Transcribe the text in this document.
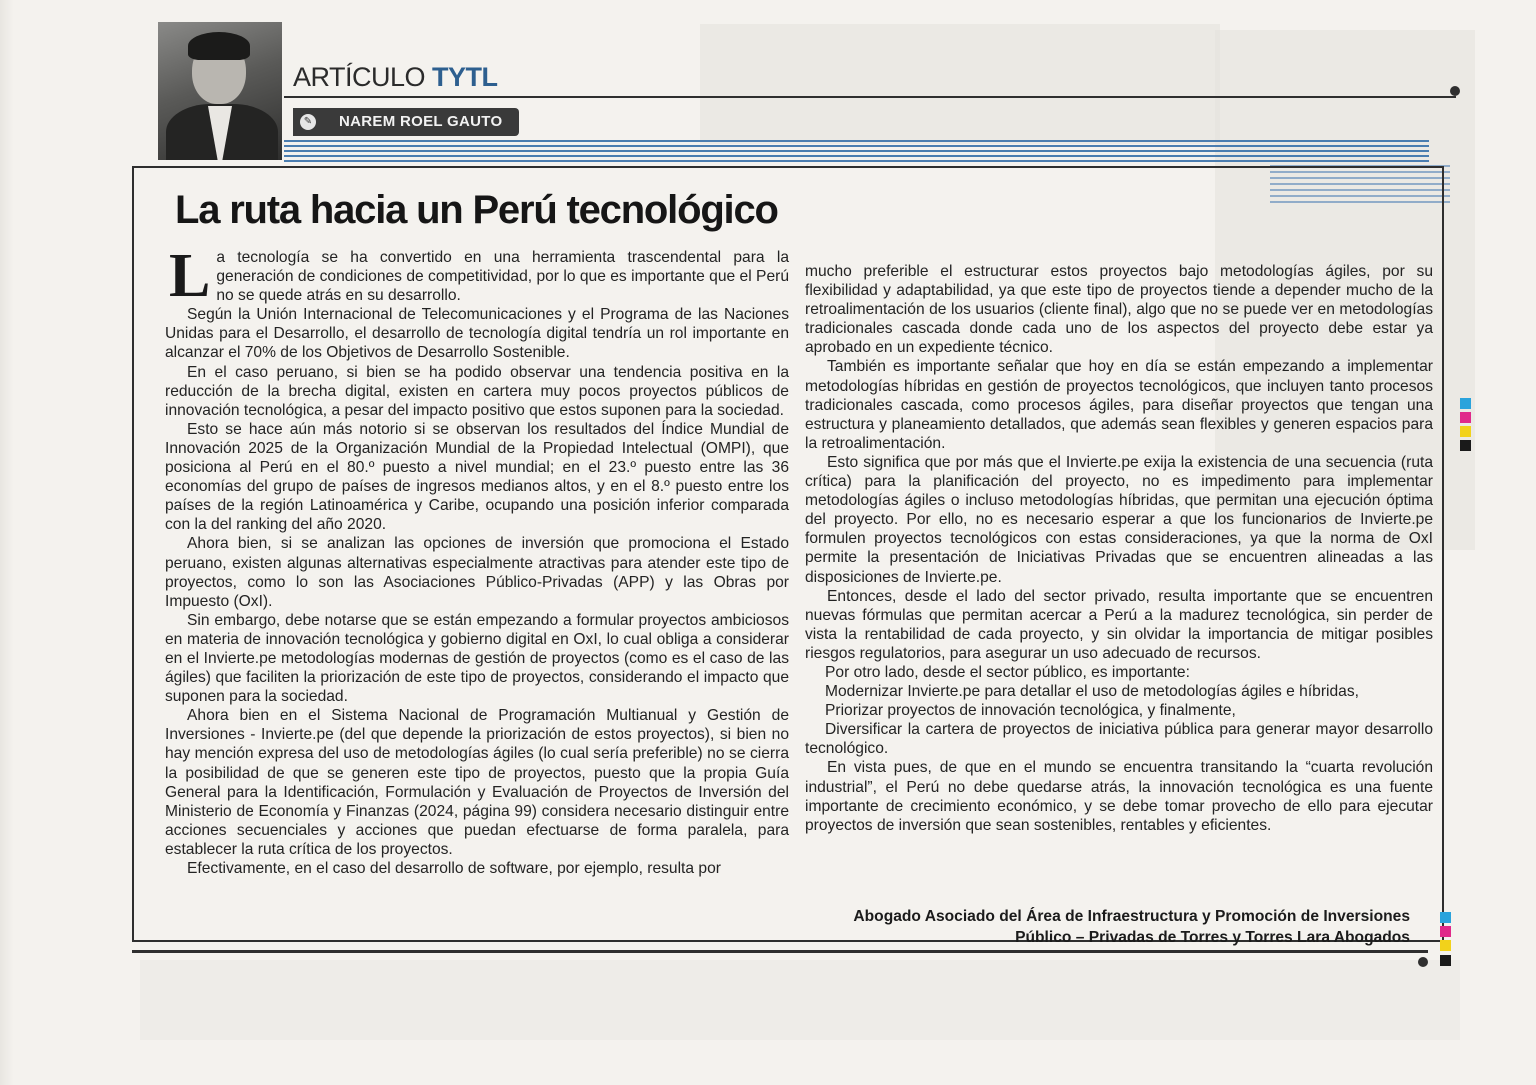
ARTÍCULO TYTL
✎ NAREM ROEL GAUTO
La ruta hacia un Perú tecnológico

La tecnología se ha convertido en una herramienta trascendental para la generación de condiciones de competitividad, por lo que es importante que el Perú no se quede atrás en su desarrollo.

Según la Unión Internacional de Telecomunicaciones y el Programa de las Naciones Unidas para el Desarrollo, el desarrollo de tecnología digital tendría un rol importante en alcanzar el 70% de los Objetivos de Desarrollo Sostenible.

En el caso peruano, si bien se ha podido observar una tendencia positiva en la reducción de la brecha digital, existen en cartera muy pocos proyectos públicos de innovación tecnológica, a pesar del impacto positivo que estos suponen para la sociedad.

Esto se hace aún más notorio si se observan los resultados del Índice Mundial de Innovación 2025 de la Organización Mundial de la Propiedad Intelectual (OMPI), que posiciona al Perú en el 80.º puesto a nivel mundial; en el 23.º puesto entre las 36 economías del grupo de países de ingresos medianos altos, y en el 8.º puesto entre los países de la región Latinoamérica y Caribe, ocupando una posición inferior comparada con la del ranking del año 2020.

Ahora bien, si se analizan las opciones de inversión que promociona el Estado peruano, existen algunas alternativas especialmente atractivas para atender este tipo de proyectos, como lo son las Asociaciones Público-Privadas (APP) y las Obras por Impuesto (OxI).

Sin embargo, debe notarse que se están empezando a formular proyectos ambiciosos en materia de innovación tecnológica y gobierno digital en OxI, lo cual obliga a considerar en el Invierte.pe metodologías modernas de gestión de proyectos (como es el caso de las ágiles) que faciliten la priorización de este tipo de proyectos, considerando el impacto que suponen para la sociedad.

Ahora bien en el Sistema Nacional de Programación Multianual y Gestión de Inversiones - Invierte.pe (del que depende la priorización de estos proyectos), si bien no hay mención expresa del uso de metodologías ágiles (lo cual sería preferible) no se cierra la posibilidad de que se generen este tipo de proyectos, puesto que la propia Guía General para la Identificación, Formulación y Evaluación de Proyectos de Inversión del Ministerio de Economía y Finanzas (2024, página 99) considera necesario distinguir entre acciones secuenciales y acciones que puedan efectuarse de forma paralela, para establecer la ruta crítica de los proyectos.

Efectivamente, en el caso del desarrollo de software, por ejemplo, resulta por

mucho preferible el estructurar estos proyectos bajo metodologías ágiles, por su flexibilidad y adaptabilidad, ya que este tipo de proyectos tiende a depender mucho de la retroalimentación de los usuarios (cliente final), algo que no se puede ver en metodologías tradicionales cascada donde cada uno de los aspectos del proyecto debe estar ya aprobado en un expediente técnico.

También es importante señalar que hoy en día se están empezando a implementar metodologías híbridas en gestión de proyectos tecnológicos, que incluyen tanto procesos tradicionales cascada, como procesos ágiles, para diseñar proyectos que tengan una estructura y planeamiento detallados, que además sean flexibles y generen espacios para la retroalimentación.

Esto significa que por más que el Invierte.pe exija la existencia de una secuencia (ruta crítica) para la planificación del proyecto, no es impedimento para implementar metodologías ágiles o incluso metodologías híbridas, que permitan una ejecución óptima del proyecto. Por ello, no es necesario esperar a que los funcionarios de Invierte.pe formulen proyectos tecnológicos con estas consideraciones, ya que la norma de OxI permite la presentación de Iniciativas Privadas que se encuentren alineadas a las disposiciones de Invierte.pe.

Entonces, desde el lado del sector privado, resulta importante que se encuentren nuevas fórmulas que permitan acercar a Perú a la madurez tecnológica, sin perder de vista la rentabilidad de cada proyecto, y sin olvidar la importancia de mitigar posibles riesgos regulatorios, para asegurar un uso adecuado de recursos.

Por otro lado, desde el sector público, es importante:

Modernizar Invierte.pe para detallar el uso de metodologías ágiles e híbridas,

Priorizar proyectos de innovación tecnológica, y finalmente,

Diversificar la cartera de proyectos de iniciativa pública para generar mayor desarrollo tecnológico.

En vista pues, de que en el mundo se encuentra transitando la “cuarta revolución industrial”, el Perú no debe quedarse atrás, la innovación tecnológica es una fuente importante de crecimiento económico, y se debe tomar provecho de ello para ejecutar proyectos de inversión que sean sostenibles, rentables y eficientes.

Abogado Asociado del Área de Infraestructura y Promoción de Inversiones
Público – Privadas de Torres y Torres Lara Abogados
